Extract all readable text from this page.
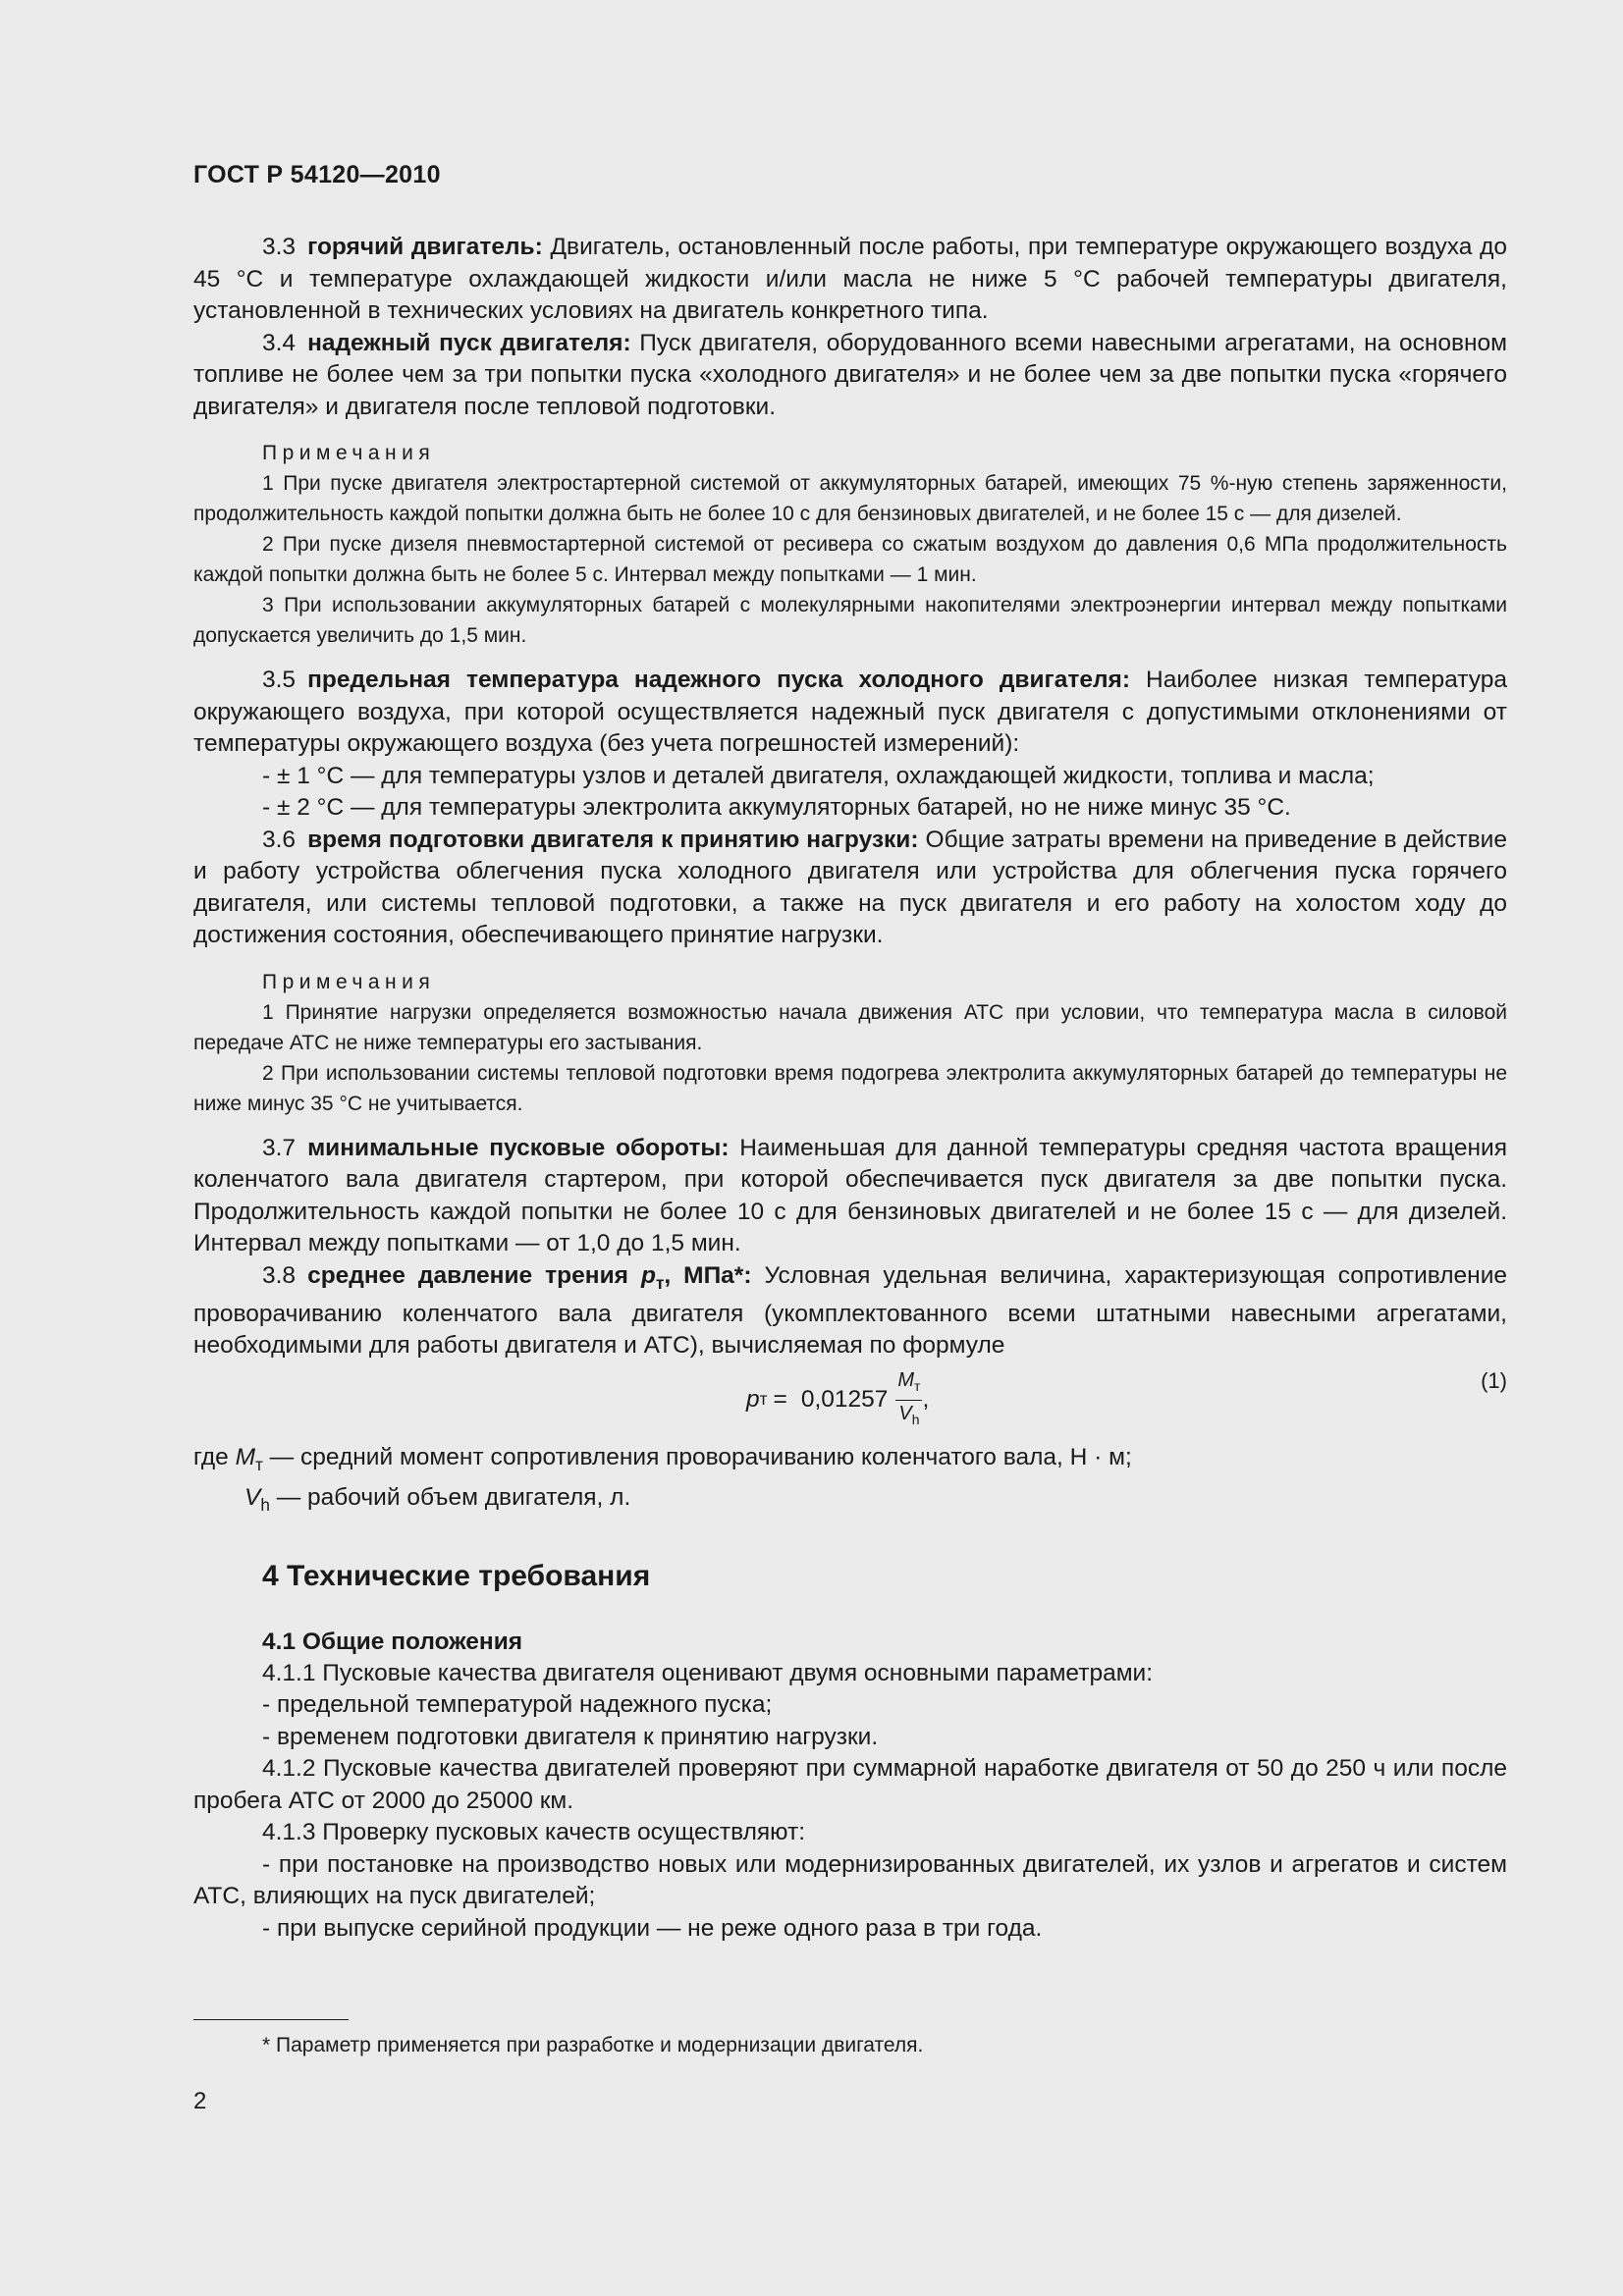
ГОСТ Р 54120—2010

3.3 горячий двигатель: Двигатель, остановленный после работы, при температуре окружающего воздуха до 45 °С и температуре охлаждающей жидкости и/или масла не ниже 5 °С рабочей температуры двигателя, установленной в технических условиях на двигатель конкретного типа.

3.4 надежный пуск двигателя: Пуск двигателя, оборудованного всеми навесными агрегатами, на основном топливе не более чем за три попытки пуска «холодного двигателя» и не более чем за две попытки пуска «горячего двигателя» и двигателя после тепловой подготовки.

Примечания

1 При пуске двигателя электростартерной системой от аккумуляторных батарей, имеющих 75 %-ную степень заряженности, продолжительность каждой попытки должна быть не более 10 с для бензиновых двигателей, и не более 15 с — для дизелей.

2 При пуске дизеля пневмостартерной системой от ресивера со сжатым воздухом до давления 0,6 МПа продолжительность каждой попытки должна быть не более 5 с. Интервал между попытками — 1 мин.

3 При использовании аккумуляторных батарей с молекулярными накопителями электроэнергии интервал между попытками допускается увеличить до 1,5 мин.

3.5 предельная температура надежного пуска холодного двигателя: Наиболее низкая температура окружающего воздуха, при которой осуществляется надежный пуск двигателя с допустимыми отклонениями от температуры окружающего воздуха (без учета погрешностей измерений):

- ± 1 °С — для температуры узлов и деталей двигателя, охлаждающей жидкости, топлива и масла;

- ± 2 °С — для температуры электролита аккумуляторных батарей, но не ниже минус 35 °С.

3.6 время подготовки двигателя к принятию нагрузки: Общие затраты времени на приведение в действие и работу устройства облегчения пуска холодного двигателя или устройства для облегчения пуска горячего двигателя, или системы тепловой подготовки, а также на пуск двигателя и его работу на холостом ходу до достижения состояния, обеспечивающего принятие нагрузки.

Примечания

1 Принятие нагрузки определяется возможностью начала движения АТС при условии, что температура масла в силовой передаче АТС не ниже температуры его застывания.

2 При использовании системы тепловой подготовки время подогрева электролита аккумуляторных батарей до температуры не ниже минус 35 °С не учитывается.

3.7 минимальные пусковые обороты: Наименьшая для данной температуры средняя частота вращения коленчатого вала двигателя стартером, при которой обеспечивается пуск двигателя за две попытки пуска. Продолжительность каждой попытки не более 10 с для бензиновых двигателей и не более 15 с — для дизелей. Интервал между попытками — от 1,0 до 1,5 мин.

3.8 среднее давление трения $p_т$, МПа*: Условная удельная величина, характеризующая сопротивление проворачиванию коленчатого вала двигателя (укомплектованного всеми штатными навесными агрегатами, необходимыми для работы двигателя и АТС), вычисляемая по формуле

p $т = 0,01257 \frac{M_т}{V_h}$ ,
(1)

где $M_т$ — средний момент сопротивления проворачиванию коленчатого вала, Н · м;

$V_h$ — рабочий объем двигателя, л.

4 Технические требования

4.1 Общие положения

4.1.1 Пусковые качества двигателя оценивают двумя основными параметрами:

- предельной температурой надежного пуска;

- временем подготовки двигателя к принятию нагрузки.

4.1.2 Пусковые качества двигателей проверяют при суммарной наработке двигателя от 50 до 250 ч или после пробега АТС от 2000 до 25000 км.

4.1.3 Проверку пусковых качеств осуществляют:

- при постановке на производство новых или модернизированных двигателей, их узлов и агрегатов и систем АТС, влияющих на пуск двигателей;

- при выпуске серийной продукции — не реже одного раза в три года.

* Параметр применяется при разработке и модернизации двигателя.
2
